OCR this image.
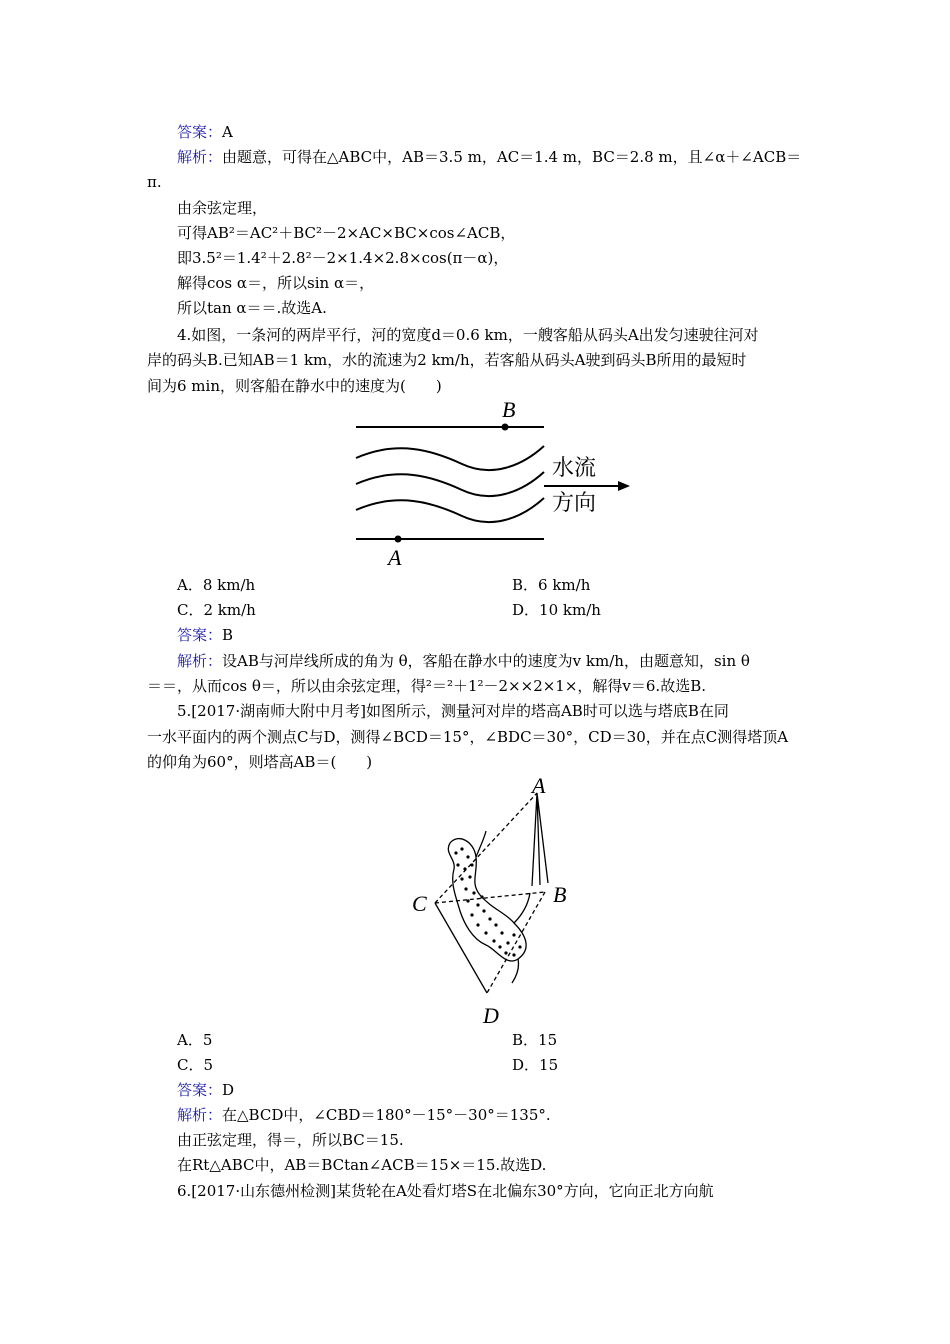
答案：A
解析：由题意，可得在△ABC中，AB＝3.5 m，AC＝1.4 m，BC＝2.8 m，且∠α＋∠ACB＝
π.
由余弦定理，
可得AB²＝AC²＋BC²－2×AC×BC×cos∠ACB，
即3.5²＝1.4²＋2.8²－2×1.4×2.8×cos(π－α)，
解得cos α＝，所以sin α＝，
所以tan α＝＝.故选A.
4.如图，一条河的两岸平行，河的宽度d＝0.6 km，一艘客船从码头A出发匀速驶往河对
岸的码头B.已知AB＝1 km，水的流速为2 km/h，若客船从码头A驶到码头B所用的最短时
间为6 min，则客船在静水中的速度为(　　)
B
A
水流
方向
A．8 km/h	B．6 km/h
C．2 km/h	D．10 km/h
答案：B
解析：设AB与河岸线所成的角为 θ，客船在静水中的速度为v km/h，由题意知，sin θ
＝＝，从而cos θ＝，所以由余弦定理，得²＝²＋1²－2××2×1×，解得v＝6.故选B.
5.[2017·湖南师大附中月考]如图所示，测量河对岸的塔高AB时可以选与塔底B在同
一水平面内的两个测点C与D，测得∠BCD＝15°，∠BDC＝30°，CD＝30，并在点C测得塔顶A
的仰角为60°，则塔高AB＝(　　)
A
B
C
D
A．5	B．15
C．5	D．15
答案：D
解析：在△BCD中，∠CBD＝180°－15°－30°＝135°.
由正弦定理，得＝，所以BC＝15.
在Rt△ABC中，AB＝BCtan∠ACB＝15×＝15.故选D.
6.[2017·山东德州检测]某货轮在A处看灯塔S在北偏东30°方向，它向正北方向航
